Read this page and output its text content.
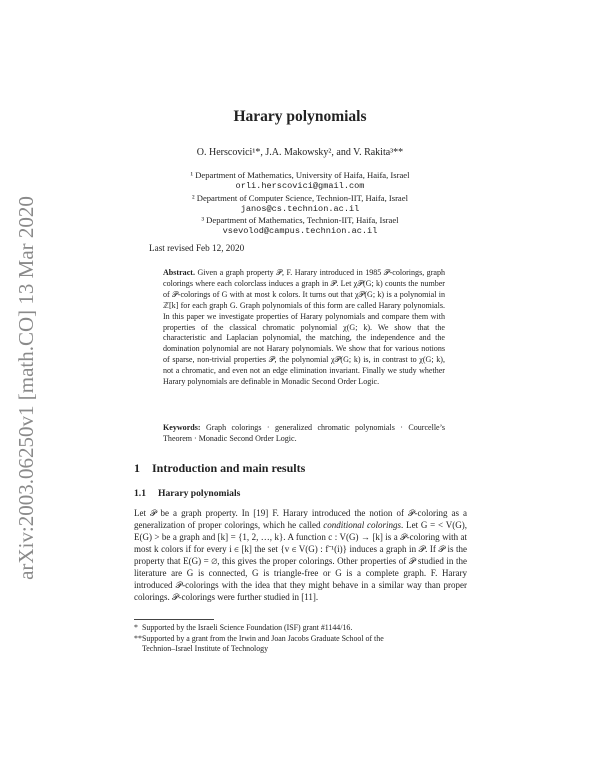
arXiv:2003.06250v1 [math.CO] 13 Mar 2020
Harary polynomials
O. Herscovici¹*, J.A. Makowsky², and V. Rakita³**
¹ Department of Mathematics, University of Haifa, Haifa, Israel
orli.herscovici@gmail.com
² Department of Computer Science, Technion-IIT, Haifa, Israel
janos@cs.technion.ac.il
³ Department of Mathematics, Technion-IIT, Haifa, Israel
vsevolod@campus.technion.ac.il
Last revised Feb 12, 2020
Abstract. Given a graph property 𝒫, F. Harary introduced in 1985 𝒫-colorings, graph colorings where each colorclass induces a graph in 𝒫. Let χ𝒫(G; k) counts the number of 𝒫-colorings of G with at most k colors. It turns out that χ𝒫(G; k) is a polynomial in ℤ[k] for each graph G. Graph polynomials of this form are called Harary polynomials. In this paper we investigate properties of Harary polynomials and compare them with properties of the classical chromatic polynomial χ(G; k). We show that the characteristic and Laplacian polynomial, the matching, the independence and the domination polynomial are not Harary polynomials. We show that for various notions of sparse, non-trivial properties 𝒫, the polynomial χ𝒫(G; k) is, in contrast to χ(G; k), not a chromatic, and even not an edge elimination invariant. Finally we study whether Harary polynomials are definable in Monadic Second Order Logic.
Keywords: Graph colorings · generalized chromatic polynomials · Courcelle’s Theorem · Monadic Second Order Logic.
1 Introduction and main results
1.1 Harary polynomials
Let 𝒫 be a graph property. In [19] F. Harary introduced the notion of 𝒫-coloring as a generalization of proper colorings, which he called conditional colorings. Let G = < V(G), E(G) > be a graph and [k] = {1, 2, …, k}. A function c : V(G) → [k] is a 𝒫-coloring with at most k colors if for every i ∈ [k] the set {v ∈ V(G) : f⁻¹(i)} induces a graph in 𝒫. If 𝒫 is the property that E(G) = ∅, this gives the proper colorings. Other properties of 𝒫 studied in the literature are G is connected, G is triangle-free or G is a complete graph. F. Harary introduced 𝒫-colorings with the idea that they might behave in a similar way than proper colorings. 𝒫-colorings were further studied in [11].
* Supported by the Israeli Science Foundation (ISF) grant #1144/16.
**Supported by a grant from the Irwin and Joan Jacobs Graduate School of the
Technion–Israel Institute of Technology
